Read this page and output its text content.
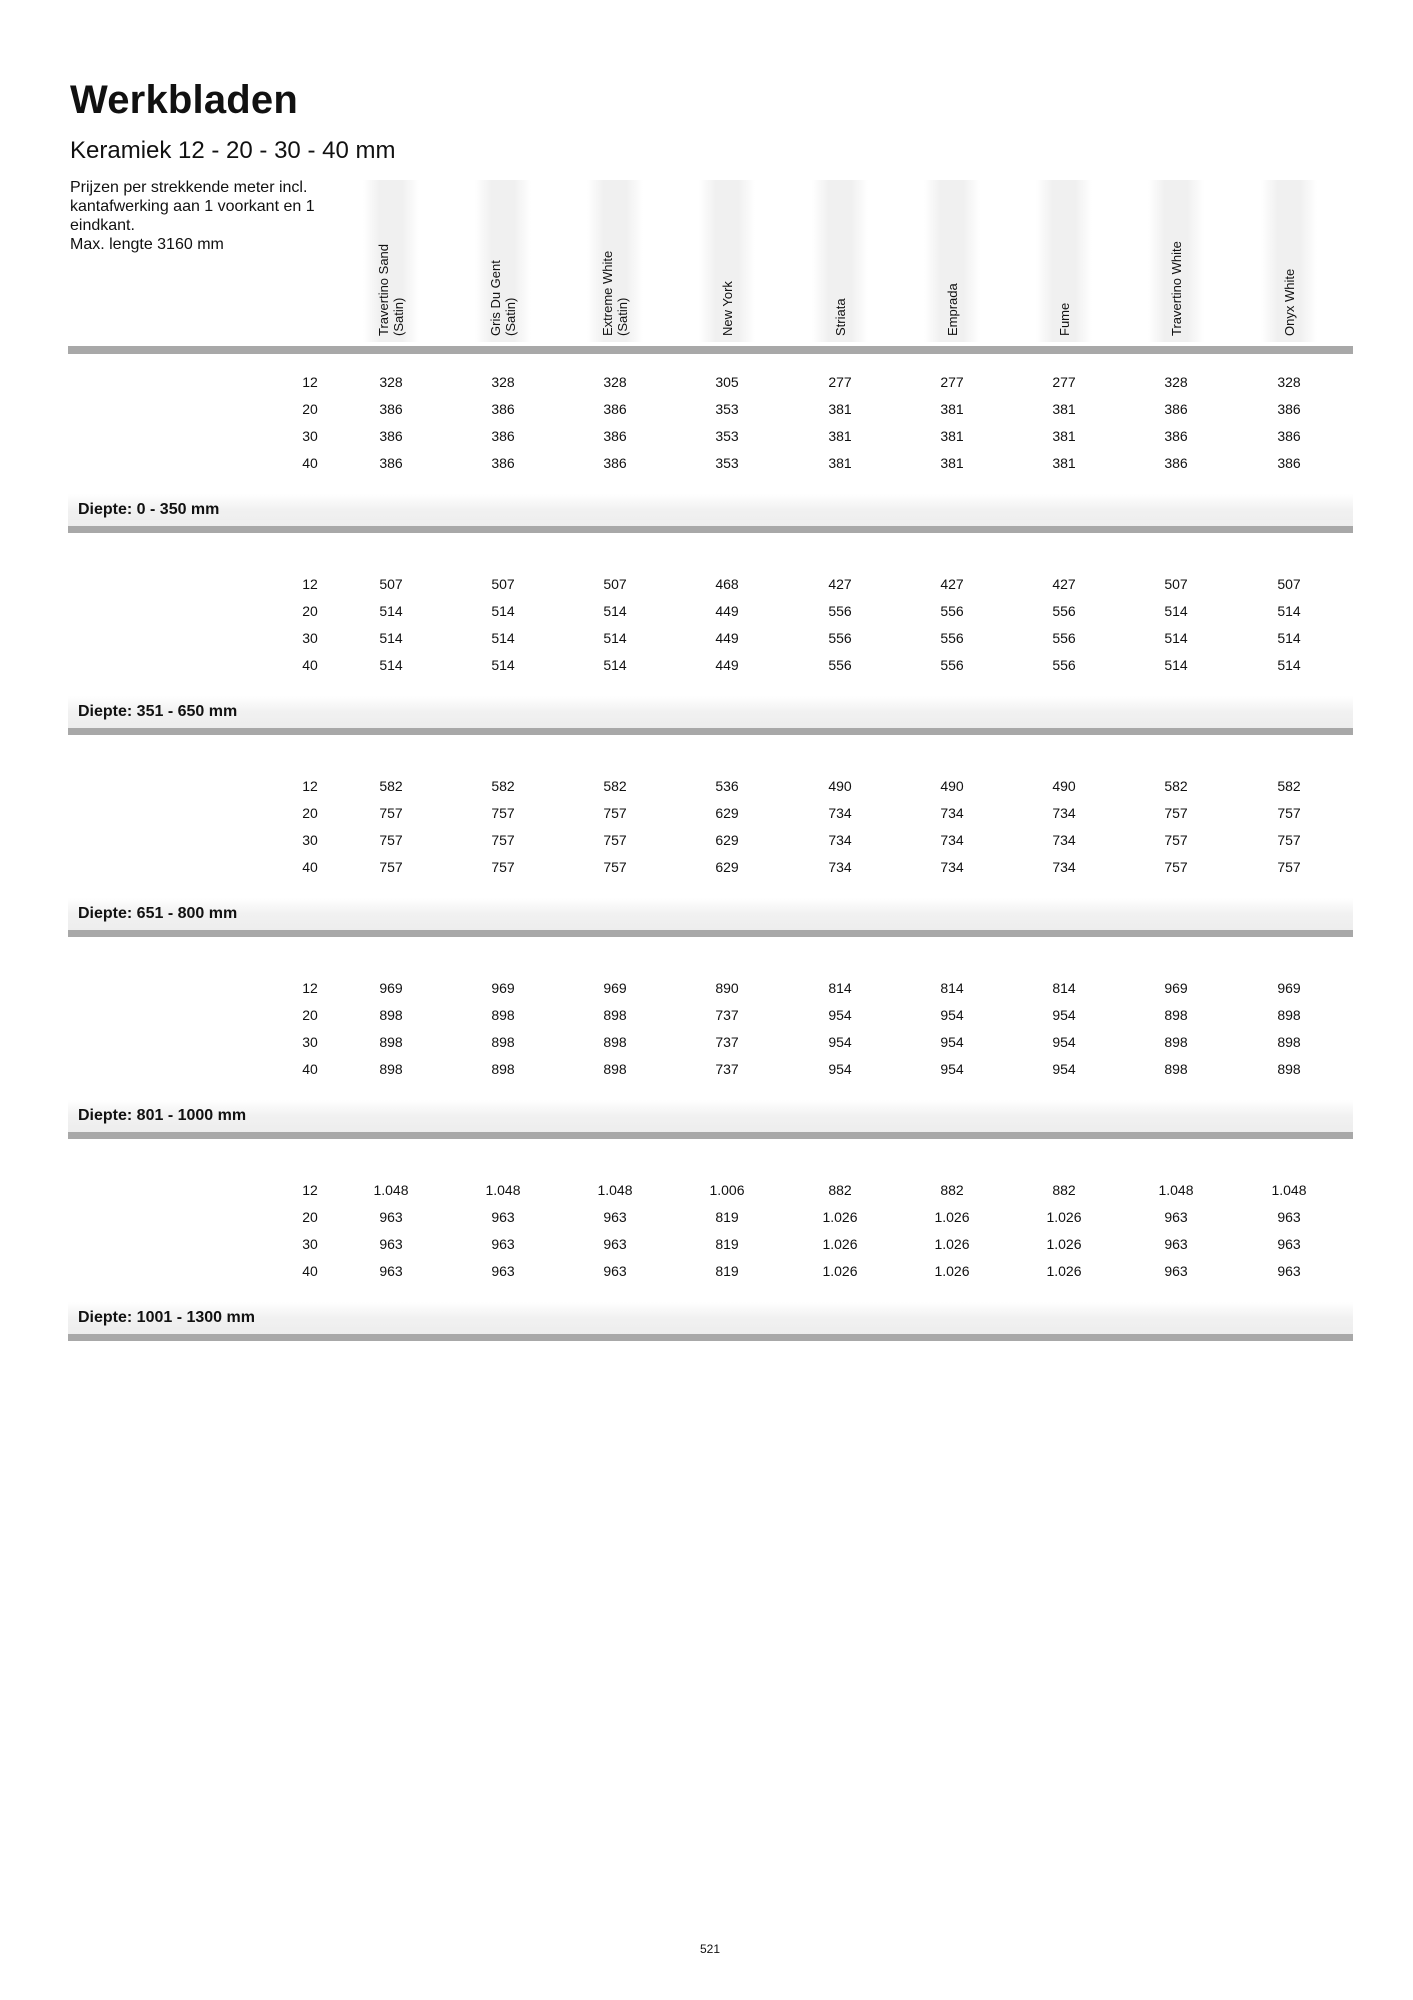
Werkbladen
Keramiek 12 - 20 - 30 - 40 mm
Prijzen per strekkende meter incl.
kantafwerking aan 1 voorkant en 1
eindkant.
Max. lengte 3160 mm	Travertino Sand (Satin)	Gris Du Gent (Satin)	Extreme White (Satin)	New York	Striata	Emprada	Fume	Travertino White	Onyx White
12	328	328	328	305	277	277	277	328	328
20	386	386	386	353	381	381	381	386	386
30	386	386	386	353	381	381	381	386	386
40	386	386	386	353	381	381	381	386	386
Diepte: 0 - 350 mm
12	507	507	507	468	427	427	427	507	507
20	514	514	514	449	556	556	556	514	514
30	514	514	514	449	556	556	556	514	514
40	514	514	514	449	556	556	556	514	514
Diepte: 351 - 650 mm
12	582	582	582	536	490	490	490	582	582
20	757	757	757	629	734	734	734	757	757
30	757	757	757	629	734	734	734	757	757
40	757	757	757	629	734	734	734	757	757
Diepte: 651 - 800 mm
12	969	969	969	890	814	814	814	969	969
20	898	898	898	737	954	954	954	898	898
30	898	898	898	737	954	954	954	898	898
40	898	898	898	737	954	954	954	898	898
Diepte: 801 - 1000 mm
12	1.048	1.048	1.048	1.006	882	882	882	1.048	1.048
20	963	963	963	819	1.026	1.026	1.026	963	963
30	963	963	963	819	1.026	1.026	1.026	963	963
40	963	963	963	819	1.026	1.026	1.026	963	963
Diepte: 1001 - 1300 mm
521
